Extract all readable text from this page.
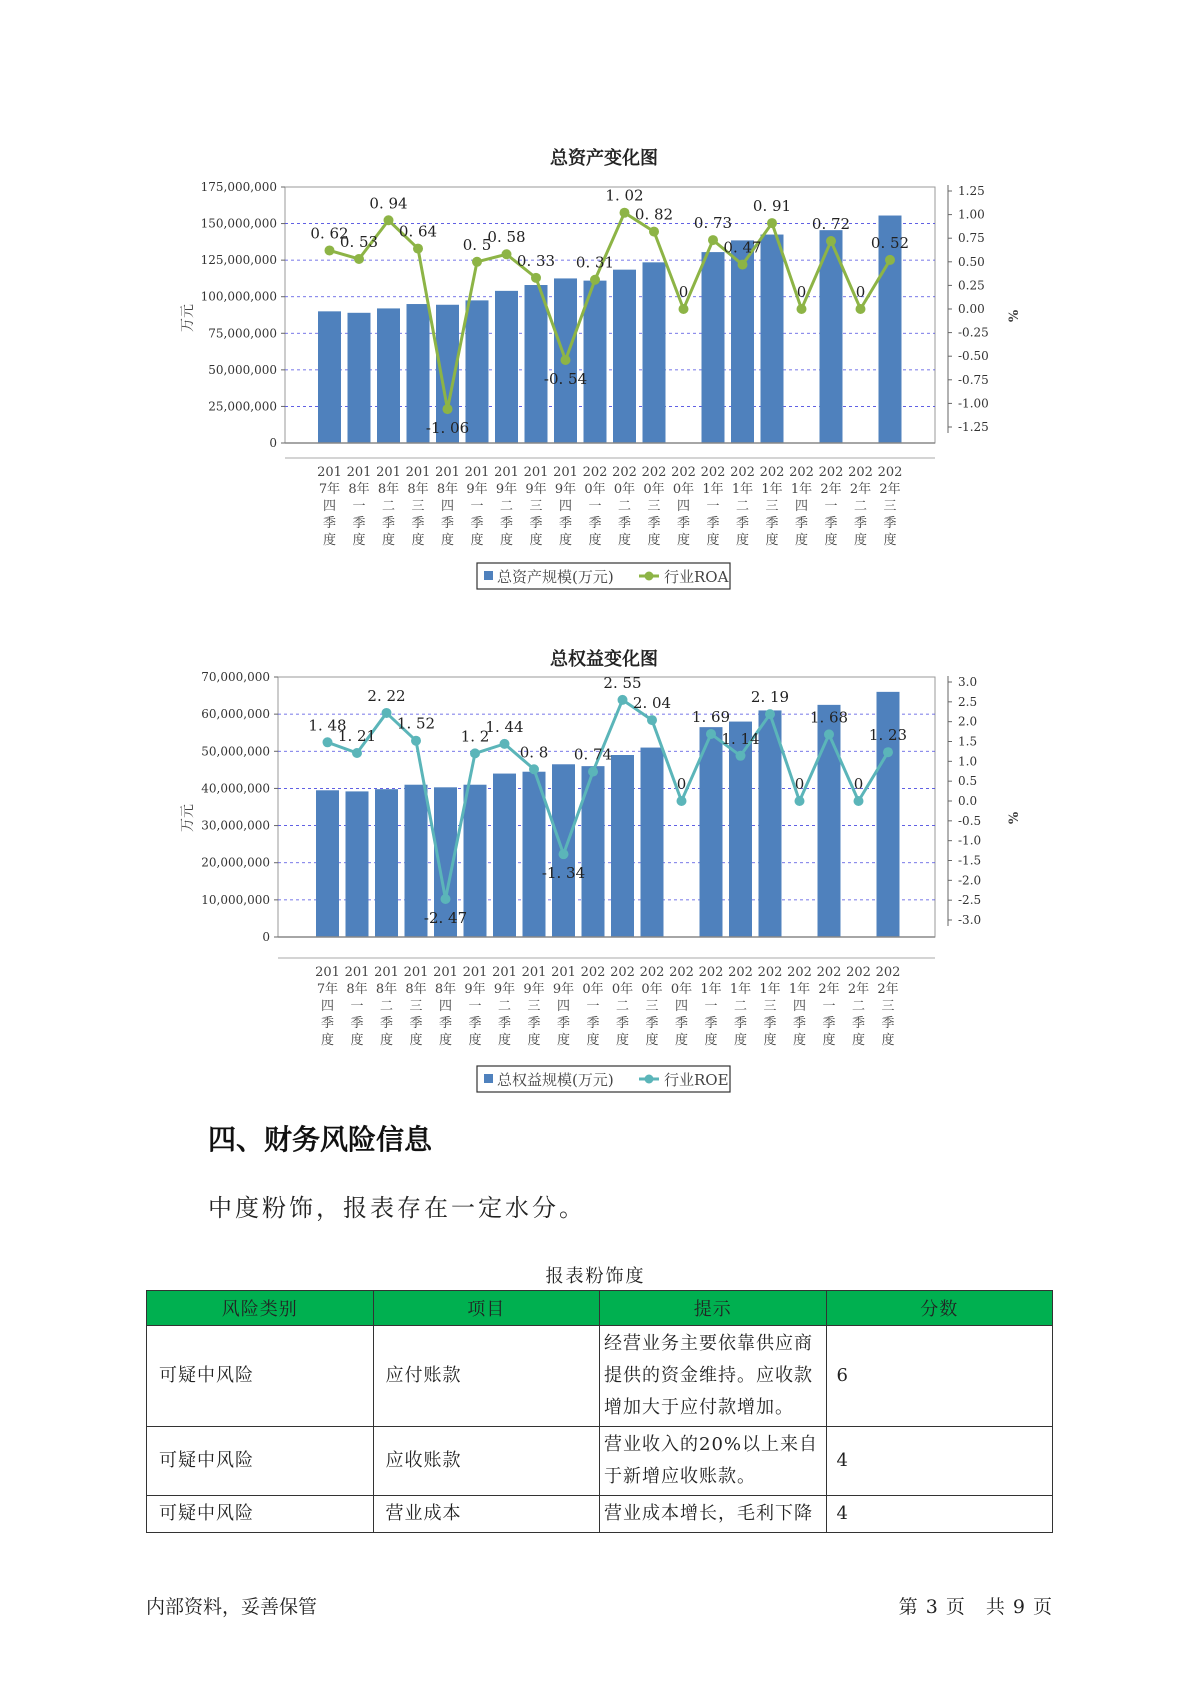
总资产变化图
175,000,000
150,000,000
125,000,000
100,000,000
75,000,000
50,000,000
25,000,000
0
1.25
1.00
0.75
0.50
0.25
0.00
-0.25
-0.50
-0.75
-1.00
-1.25
201
7年
四
季
度
201
8年
一
季
度
201
8年
二
季
度
201
8年
三
季
度
201
8年
四
季
度
201
9年
一
季
度
201
9年
二
季
度
201
9年
三
季
度
201
9年
四
季
度
202
0年
一
季
度
202
0年
二
季
度
202
0年
三
季
度
202
0年
四
季
度
202
1年
一
季
度
202
1年
二
季
度
202
1年
三
季
度
202
1年
四
季
度
202
2年
一
季
度
202
2年
二
季
度
202
2年
三
季
度
0. 62
0. 53
0. 94
0. 64
-1. 06
0. 5
0. 58
0. 33
-0. 54
0. 31
1. 02
0. 82
0
0. 73
0. 47
0. 91
0
0. 72
0
0. 52
万元	%
总资产规模(万元)	行业ROA
总权益变化图
70,000,000
60,000,000
50,000,000
40,000,000
30,000,000
20,000,000
10,000,000
0
3.0
2.5
2.0
1.5
1.0
0.5
0.0
-0.5
-1.0
-1.5
-2.0
-2.5
-3.0
201
7年
四
季
度
201
8年
一
季
度
201
8年
二
季
度
201
8年
三
季
度
201
8年
四
季
度
201
9年
一
季
度
201
9年
二
季
度
201
9年
三
季
度
201
9年
四
季
度
202
0年
一
季
度
202
0年
二
季
度
202
0年
三
季
度
202
0年
四
季
度
202
1年
一
季
度
202
1年
二
季
度
202
1年
三
季
度
202
1年
四
季
度
202
2年
一
季
度
202
2年
二
季
度
202
2年
三
季
度
1. 48
1. 21
2. 22
1. 52
-2. 47
1. 2
1. 44
0. 8
-1. 34
0. 74
2. 55
2. 04
0
1. 69
1. 14
2. 19
0
1. 68
0
1. 23
万元	%
总权益规模(万元)	行业ROE
四、财务风险信息

中度粉饰，报表存在一定水分。

报表粉饰度
风险类别	项目	提示	分数
可疑中风险	应付账款	经营业务主要依靠供应商提供的资金维持。应收款增加大于应付款增加。	6
可疑中风险	应收账款	营业收入的20%以上来自于新增应收账款。	4
可疑中风险	营业成本	营业成本增长，毛利下降	4
内部资料，妥善保管	第 3 页　共 9 页
